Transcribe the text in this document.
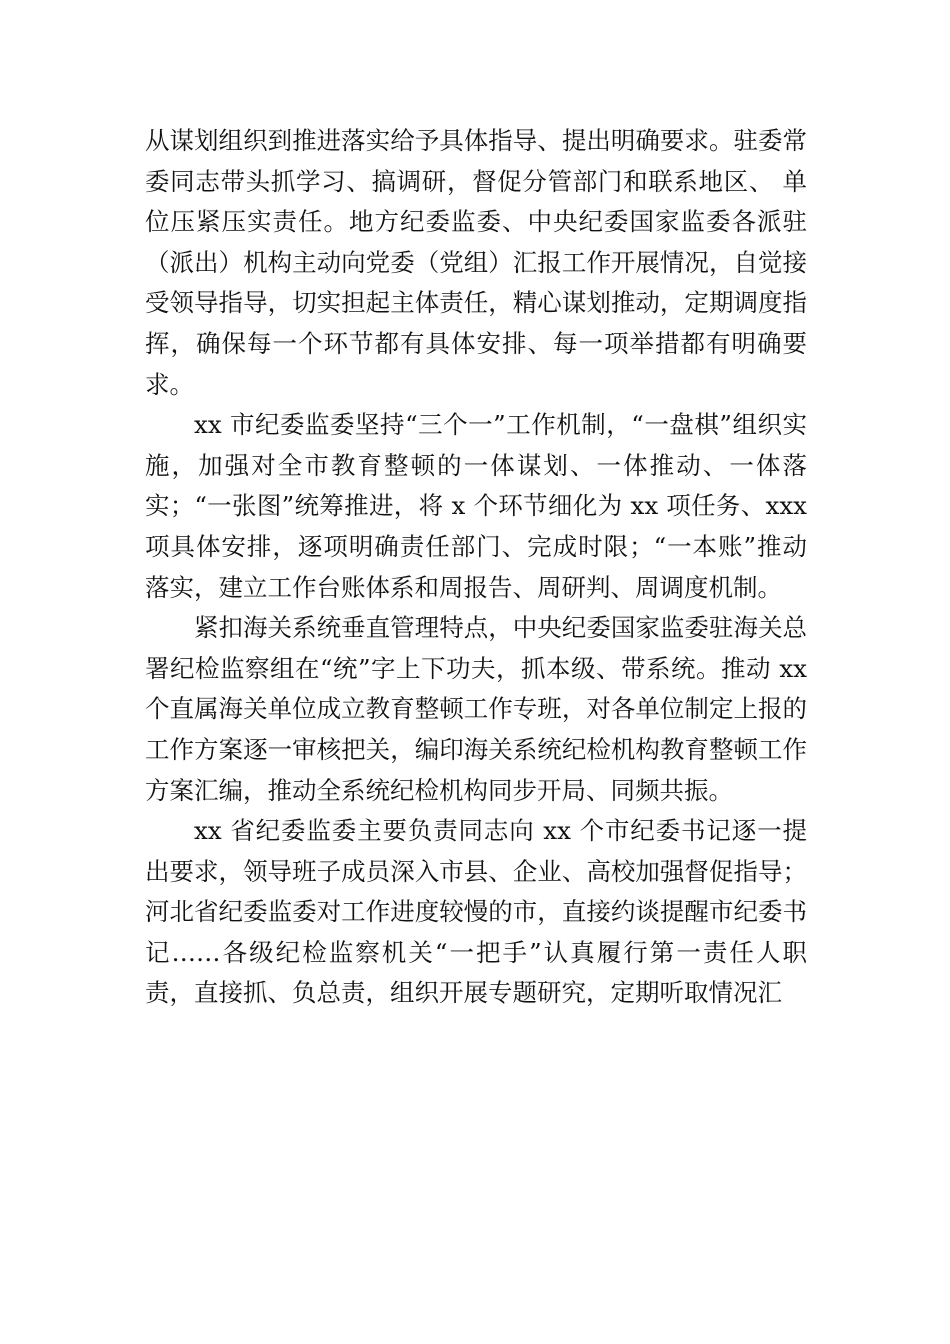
从谋划组织到推进落实给予具体指导、提出明确要求。驻委常委同志带头抓学习、搞调研，督促分管部门和联系地区、 单位压紧压实责任。地方纪委监委、中央纪委国家监委各派驻（派出）机构主动向党委（党组）汇报工作开展情况，自觉接受领导指导，切实担起主体责任，精心谋划推动，定期调度指挥，确保每一个环节都有具体安排、每一项举措都有明确要求。

xx 市纪委监委坚持“三个一”工作机制，“一盘棋”组织实施，加强对全市教育整顿的一体谋划、一体推动、一体落实；“一张图”统筹推进，将 x 个环节细化为 xx 项任务、xxx 项具体安排，逐项明确责任部门、完成时限；“一本账”推动落实，建立工作台账体系和周报告、周研判、周调度机制。

紧扣海关系统垂直管理特点，中央纪委国家监委驻海关总署纪检监察组在“统”字上下功夫，抓本级、带系统。推动 xx 个直属海关单位成立教育整顿工作专班，对各单位制定上报的工作方案逐一审核把关，编印海关系统纪检机构教育整顿工作方案汇编，推动全系统纪检机构同步开局、同频共振。

xx 省纪委监委主要负责同志向 xx 个市纪委书记逐一提出要求，领导班子成员深入市县、企业、高校加强督促指导；河北省纪委监委对工作进度较慢的市，直接约谈提醒市纪委书记……各级纪检监察机关“一把手”认真履行第一责任人职责，直接抓、负总责，组织开展专题研究，定期听取情况汇
